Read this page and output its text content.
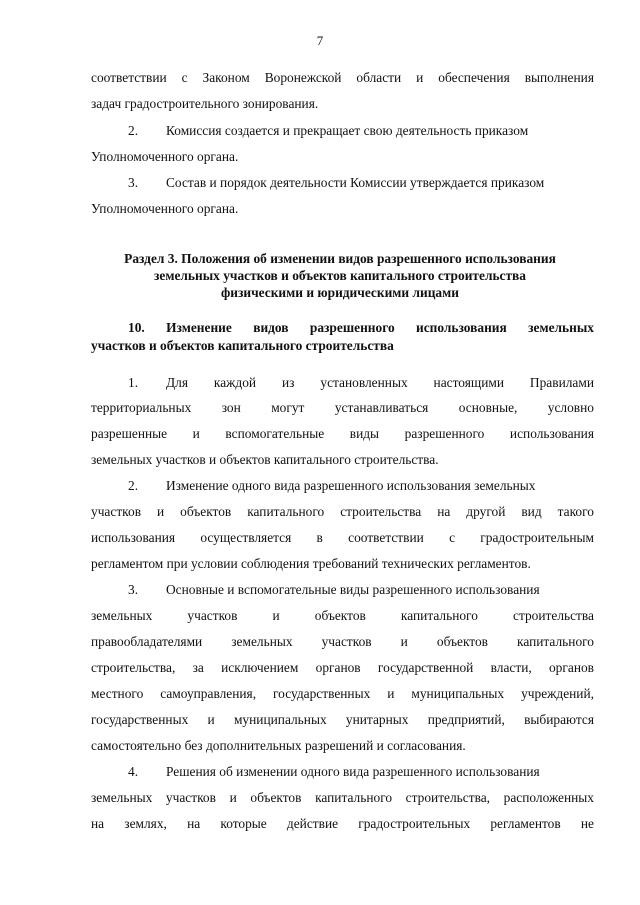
7
соответствии с Законом Воронежской области и обеспечения выполнения
задач градостроительного зонирования.
2. Комиссия создается и прекращает свою деятельность приказом
Уполномоченного органа.
3. Состав и порядок деятельности Комиссии утверждается приказом
Уполномоченного органа.
Раздел 3. Положения об изменении видов разрешенного использования
земельных участков и объектов капитального строительства
физическими и юридическими лицами
10. Изменение видов разрешенного использования земельных
участков и объектов капитального строительства
1. Для каждой из установленных настоящими Правилами
территориальных зон могут устанавливаться основные, условно
разрешенные и вспомогательные виды разрешенного использования
земельных участков и объектов капитального строительства.
2. Изменение одного вида разрешенного использования земельных
участков и объектов капитального строительства на другой вид такого
использования осуществляется в соответствии с градостроительным
регламентом при условии соблюдения требований технических регламентов.
3. Основные и вспомогательные виды разрешенного использования
земельных участков и объектов капитального строительства
правообладателями земельных участков и объектов капитального
строительства, за исключением органов государственной власти, органов
местного самоуправления, государственных и муниципальных учреждений,
государственных и муниципальных унитарных предприятий, выбираются
самостоятельно без дополнительных разрешений и согласования.
4. Решения об изменении одного вида разрешенного использования
земельных участков и объектов капитального строительства, расположенных
на землях, на которые действие градостроительных регламентов не
